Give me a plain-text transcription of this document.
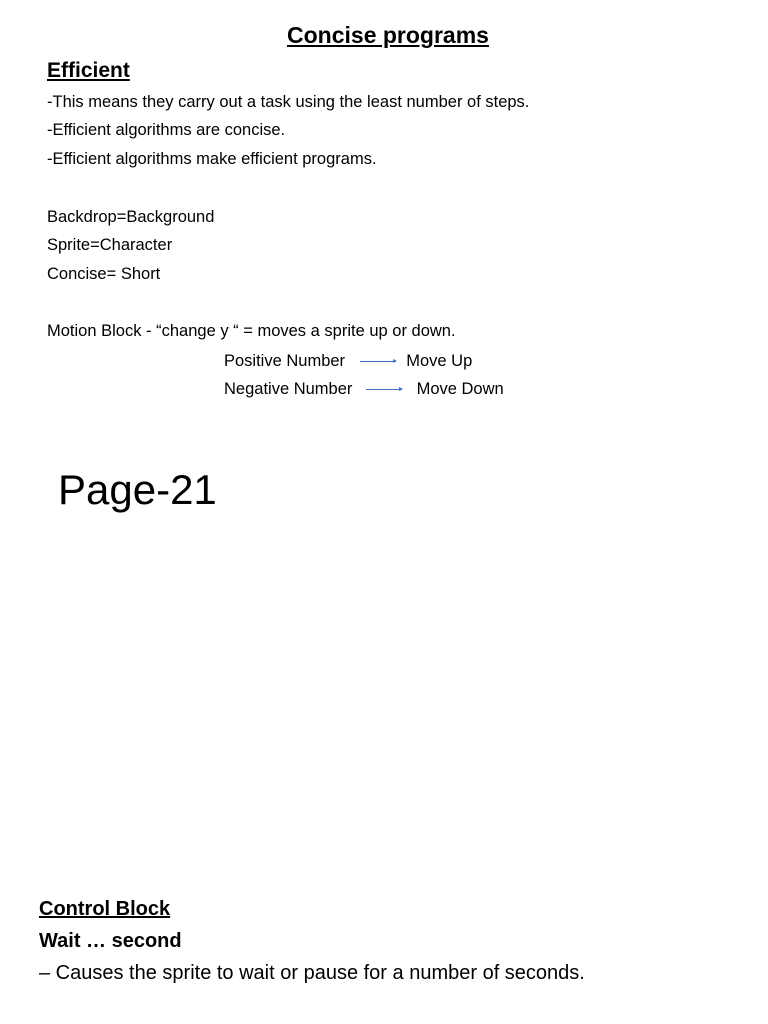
Concise programs
Efficient
-This means they carry out a task using the least number of steps.
-Efficient algorithms are concise.
-Efficient algorithms make efficient programs.
Backdrop=Background
Sprite=Character
Concise= Short
Motion Block - “change y “ = moves a sprite up or down.
Positive Number	Move Up
Negative Number	Move Down
Page-21
Control Block
Wait … second
– Causes the sprite to wait or pause for a number of seconds.
